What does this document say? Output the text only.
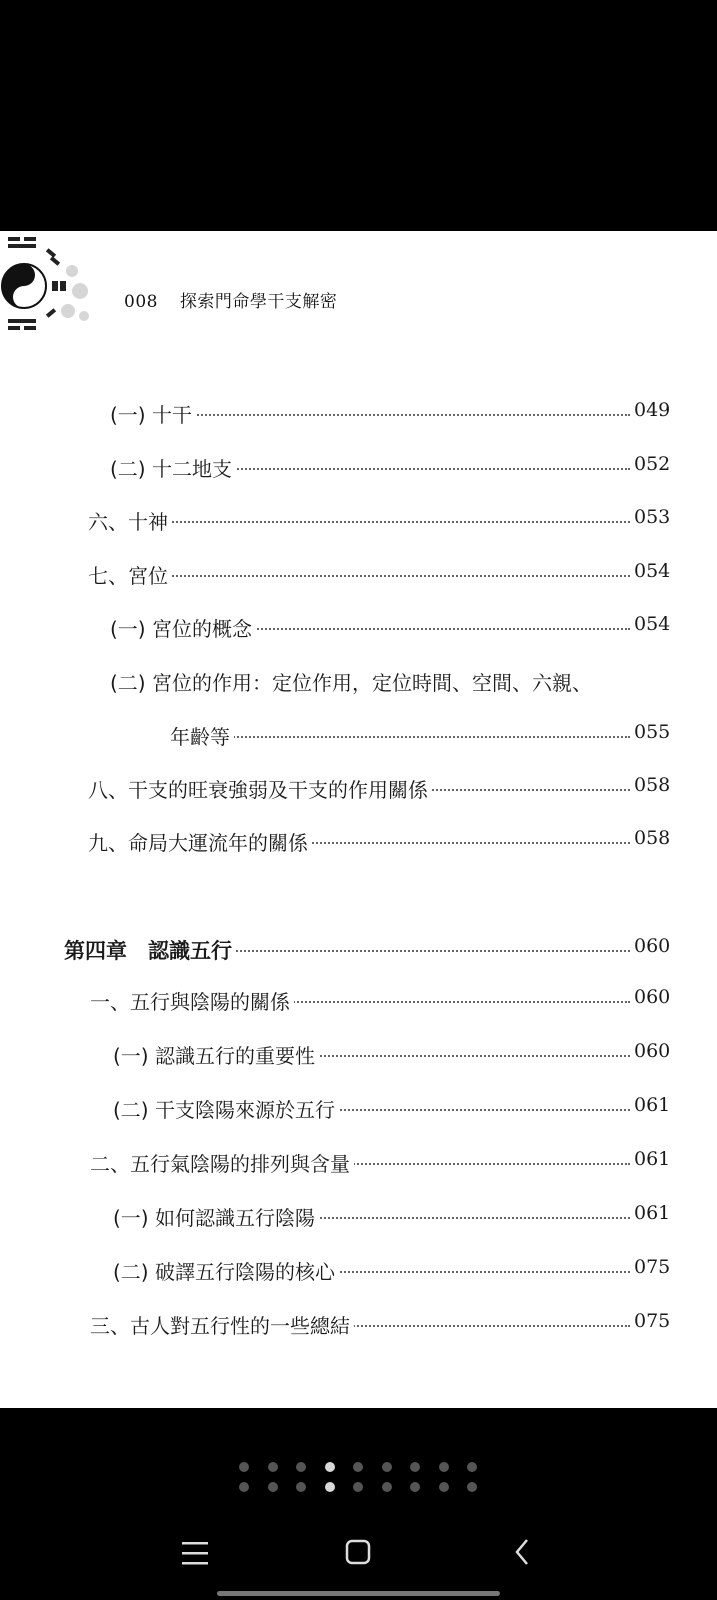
008 探索門命學干支解密
(一) 十干	049
(二) 十二地支	052
六、十神	053
七、宮位	054
(一) 宮位的概念	054
(二) 宮位的作用：定位作用，定位時間、空間、六親、
年齡等	055
八、干支的旺衰強弱及干支的作用關係	058
九、命局大運流年的關係	058
第四章　認識五行	060
一、五行與陰陽的關係	060
(一) 認識五行的重要性	060
(二) 干支陰陽來源於五行	061
二、五行氣陰陽的排列與含量	061
(一) 如何認識五行陰陽	061
(二) 破譯五行陰陽的核心	075
三、古人對五行性的一些總結	075
